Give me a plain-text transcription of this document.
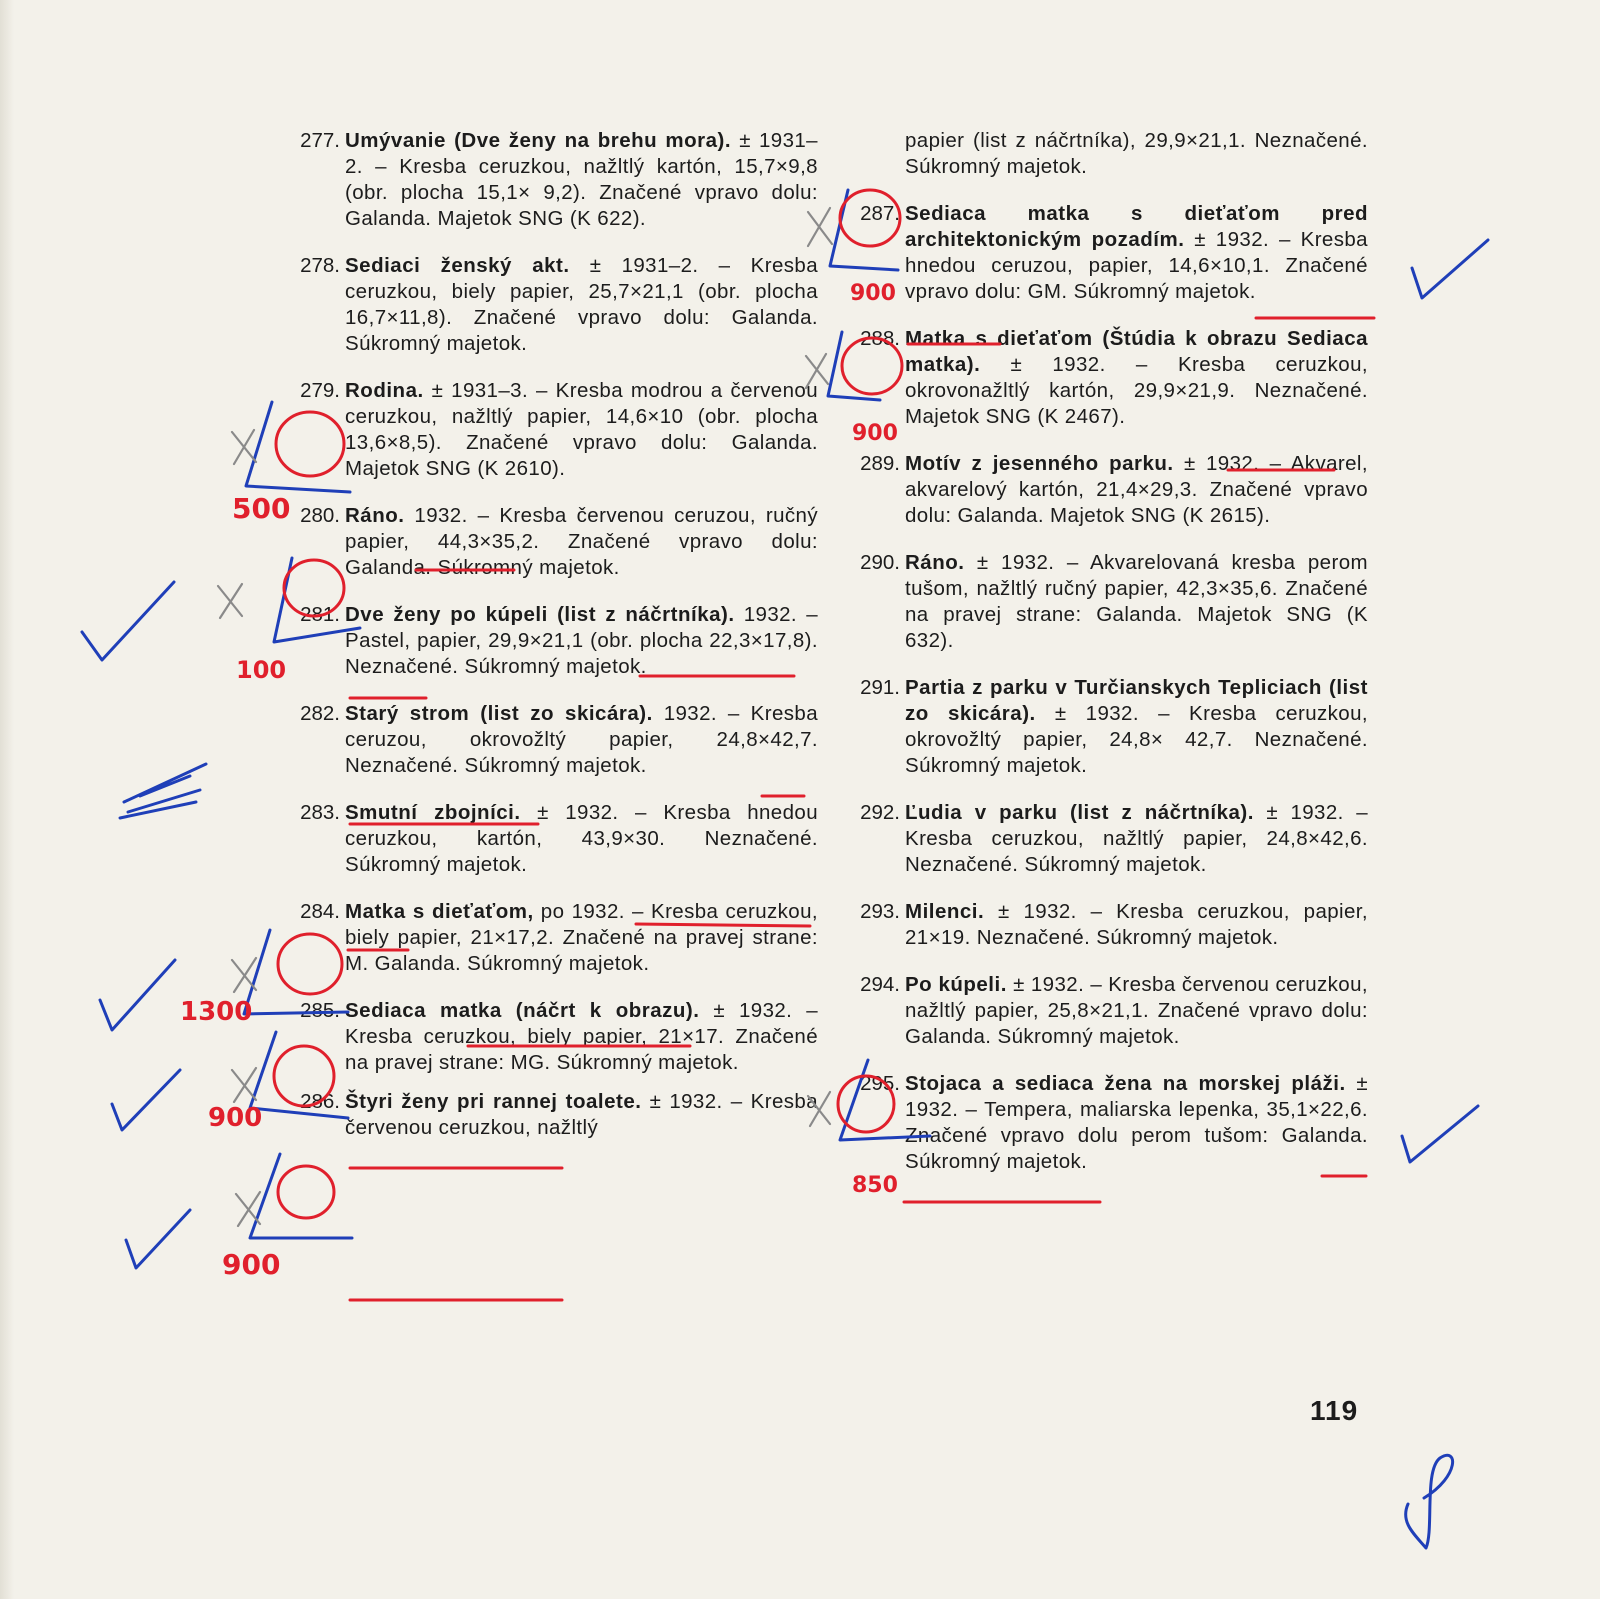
277. Umývanie (Dve ženy na brehu mora). ± 1931–2. – Kresba ceruzkou, nažltlý kartón, 15,7×9,8 (obr. plocha 15,1× 9,2). Značené vpravo dolu: Galanda. Majetok SNG (K 622).
278. Sediaci ženský akt. ± 1931–2. – Kresba ceruzkou, biely papier, 25,7×21,1 (obr. plocha 16,7×11,8). Značené vpravo dolu: Galanda. Súkromný majetok.
279. Rodina. ± 1931–3. – Kresba modrou a červenou ceruzkou, nažltlý papier, 14,6×10 (obr. plocha 13,6×8,5). Značené vpravo dolu: Galanda. Majetok SNG (K 2610).
280. Ráno. 1932. – Kresba červenou ceruzou, ručný papier, 44,3×35,2. Značené vpravo dolu: Galanda. Súkromný majetok.
281. Dve ženy po kúpeli (list z náčrtníka). 1932. – Pastel, papier, 29,9×21,1 (obr. plocha 22,3×17,8). Neznačené. Súkromný majetok.
282. Starý strom (list zo skicára). 1932. – Kresba ceruzou, okrovožltý papier, 24,8×42,7. Neznačené. Súkromný majetok.
283. Smutní zbojníci. ± 1932. – Kresba hnedou ceruzkou, kartón, 43,9×30. Neznačené. Súkromný majetok.
284. Matka s dieťaťom, po 1932. – Kresba ceruzkou, biely papier, 21×17,2. Značené na pravej strane: M. Galanda. Súkromný majetok.
285. Sediaca matka (náčrt k obrazu). ± 1932. – Kresba ceruzkou, biely papier, 21×17. Značené na pravej strane: MG. Súkromný majetok.
286. Štyri ženy pri rannej toalete. ± 1932. – Kresba červenou ceruzkou, nažltlý
papier (list z náčrtníka), 29,9×21,1. Neznačené. Súkromný majetok.
287. Sediaca matka s dieťaťom pred architektonickým pozadím. ± 1932. – Kresba hnedou ceruzou, papier, 14,6×10,1. Značené vpravo dolu: GM. Súkromný majetok.
288. Matka s dieťaťom (Štúdia k obrazu Sediaca matka). ± 1932. – Kresba ceruzkou, okrovonažltlý kartón, 29,9×21,9. Neznačené. Majetok SNG (K 2467).
289. Motív z jesenného parku. ± 1932. – Akvarel, akvarelový kartón, 21,4×29,3. Značené vpravo dolu: Galanda. Majetok SNG (K 2615).
290. Ráno. ± 1932. – Akvarelovaná kresba perom tušom, nažltlý ručný papier, 42,3×35,6. Značené na pravej strane: Galanda. Majetok SNG (K 632).
291. Partia z parku v Turčianskych Tepliciach (list zo skicára). ± 1932. – Kresba ceruzkou, okrovožltý papier, 24,8× 42,7. Neznačené. Súkromný majetok.
292. Ľudia v parku (list z náčrtníka). ± 1932. – Kresba ceruzkou, nažltlý papier, 24,8×42,6. Neznačené. Súkromný majetok.
293. Milenci. ± 1932. – Kresba ceruzkou, papier, 21×19. Neznačené. Súkromný majetok.
294. Po kúpeli. ± 1932. – Kresba červenou ceruzkou, nažltlý papier, 25,8×21,1. Značené vpravo dolu: Galanda. Súkromný majetok.
295. Stojaca a sediaca žena na morskej pláži. ± 1932. – Tempera, maliarska lepenka, 35,1×22,6. Značené vpravo dolu perom tušom: Galanda. Súkromný majetok.
119
500
100
1300
900
900
900
900
850
